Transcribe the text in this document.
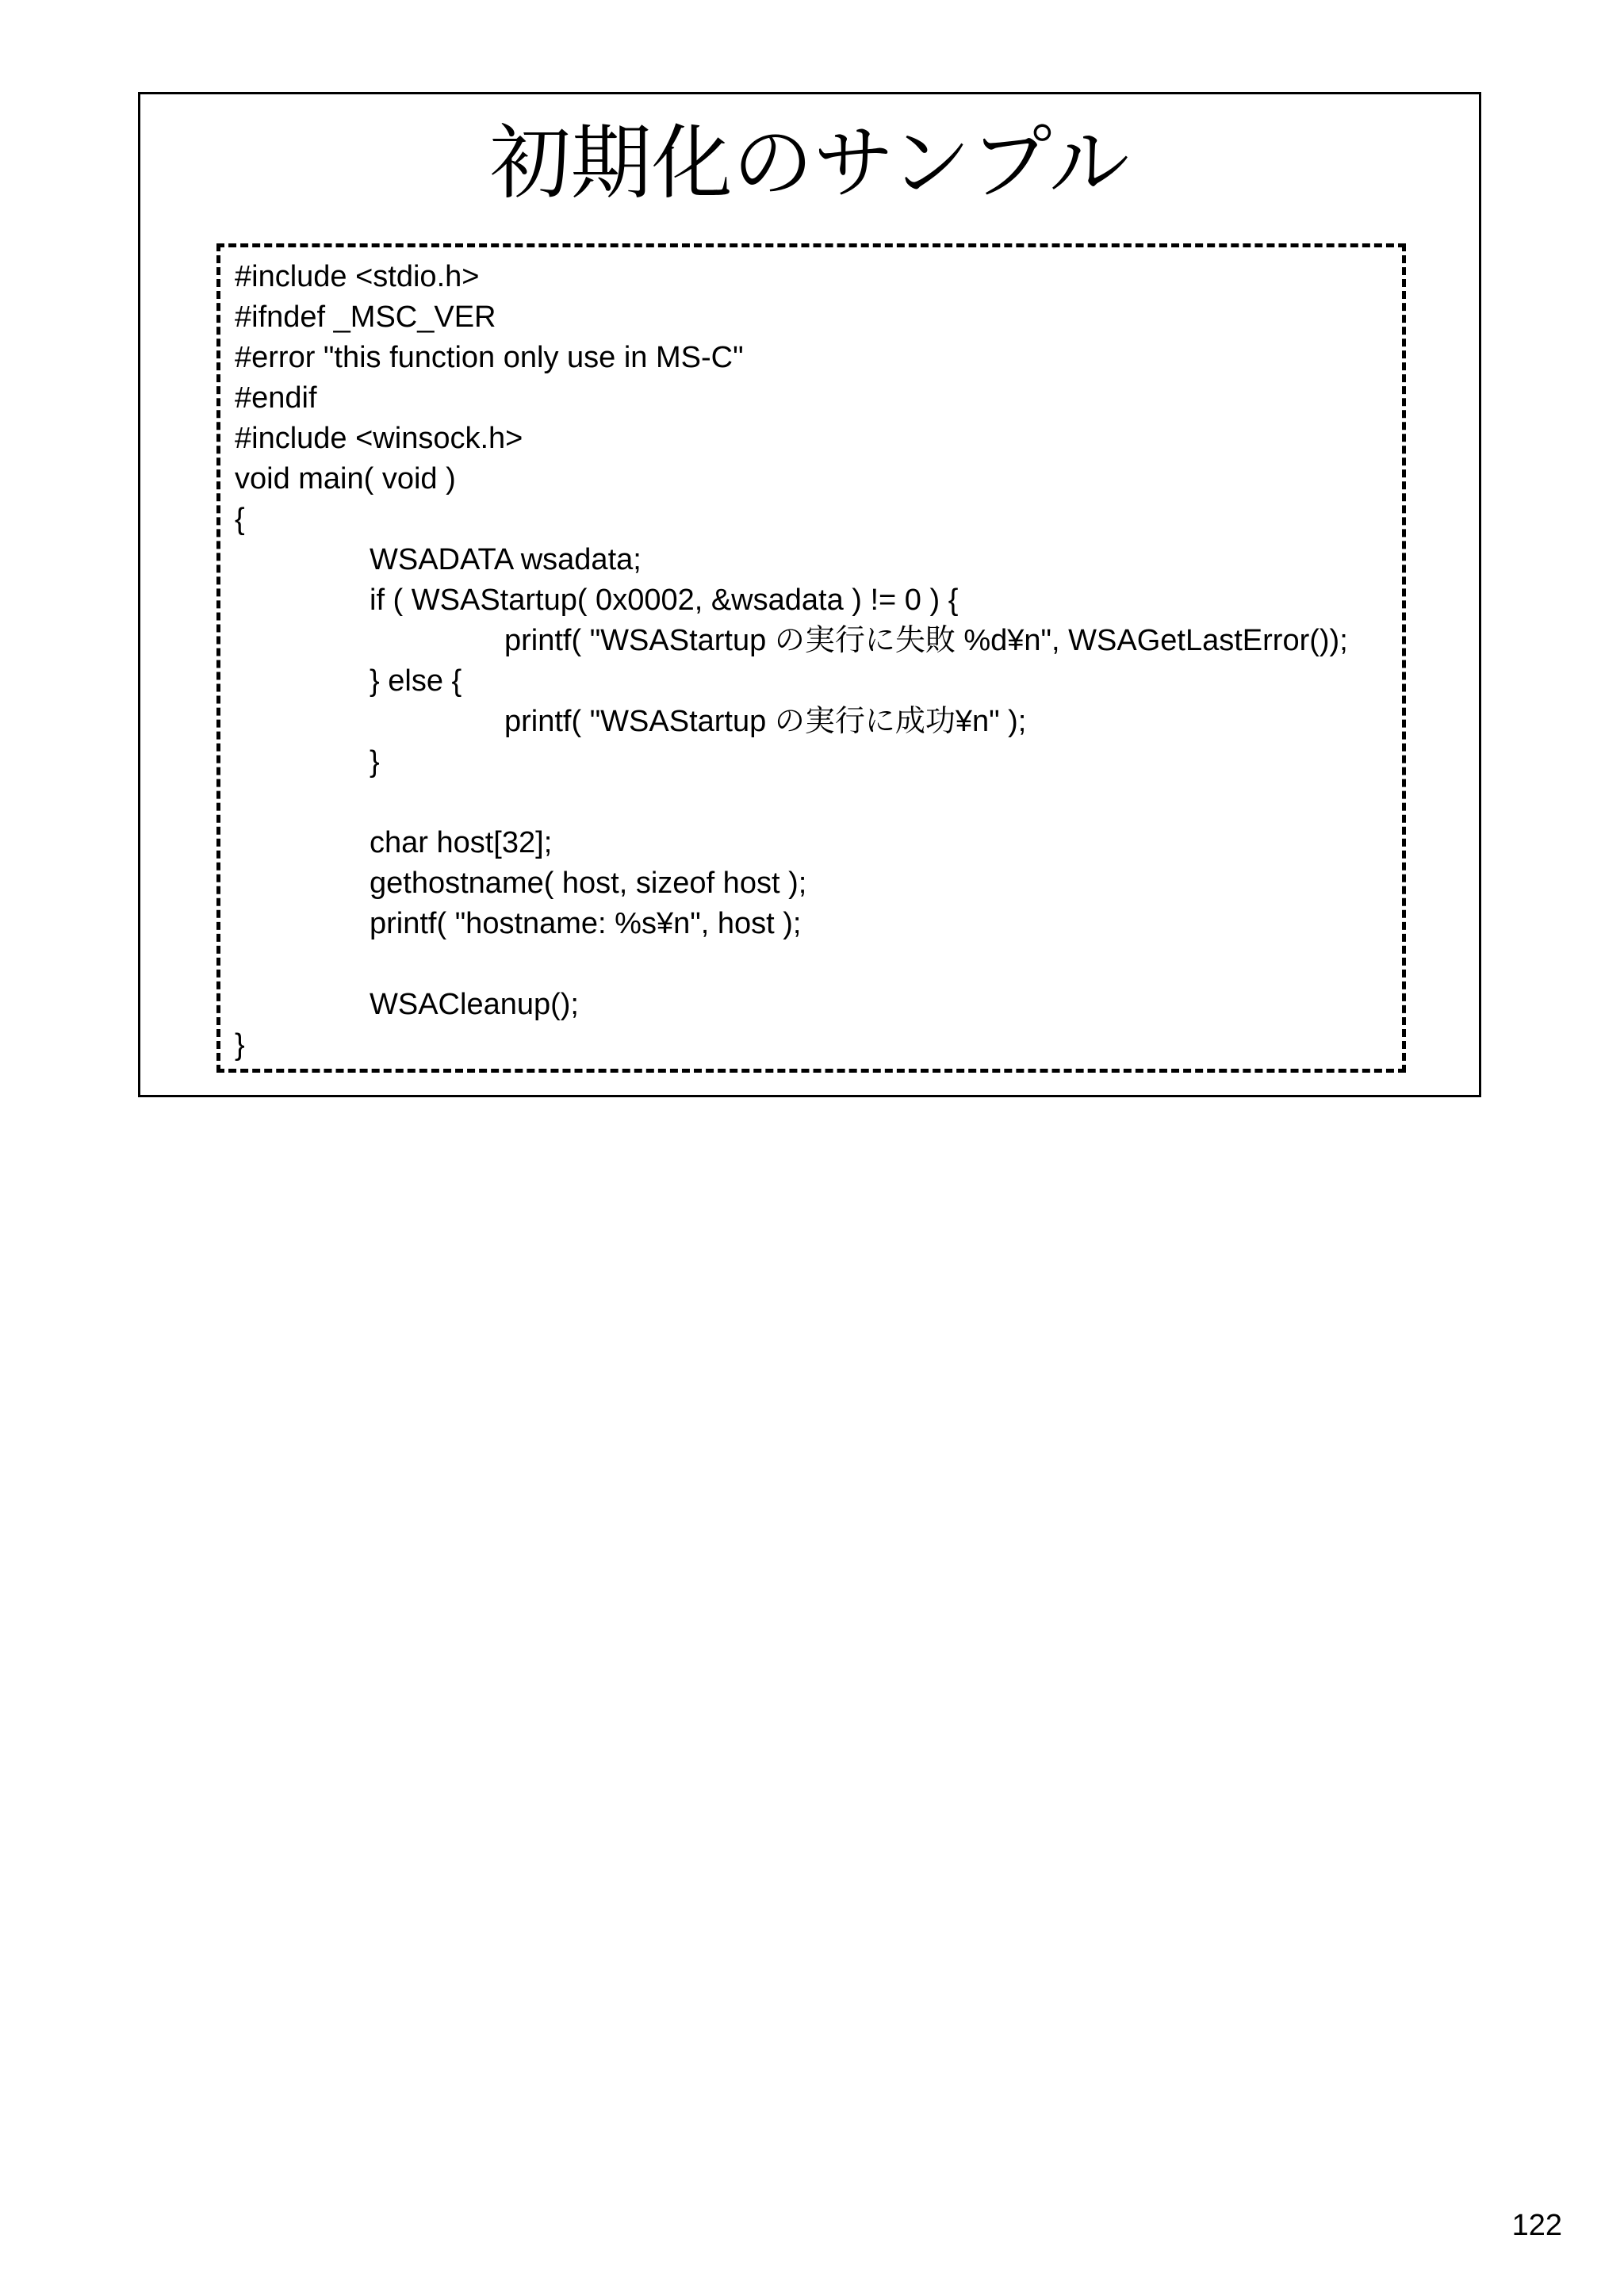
初期化のサンプル
#include <stdio.h>
#ifndef _MSC_VER
#error "this function only use in MS-C"
#endif
#include <winsock.h>
void main( void )
{
WSADATA wsadata;
if ( WSAStartup( 0x0002, &wsadata ) != 0 ) {
printf( "WSAStartup の実行に失敗 %d¥n", WSAGetLastError());
} else {
printf( "WSAStartup の実行に成功¥n" );
}
char host[32];
gethostname( host, sizeof host );
printf( "hostname: %s¥n", host );
WSACleanup();
}
122
